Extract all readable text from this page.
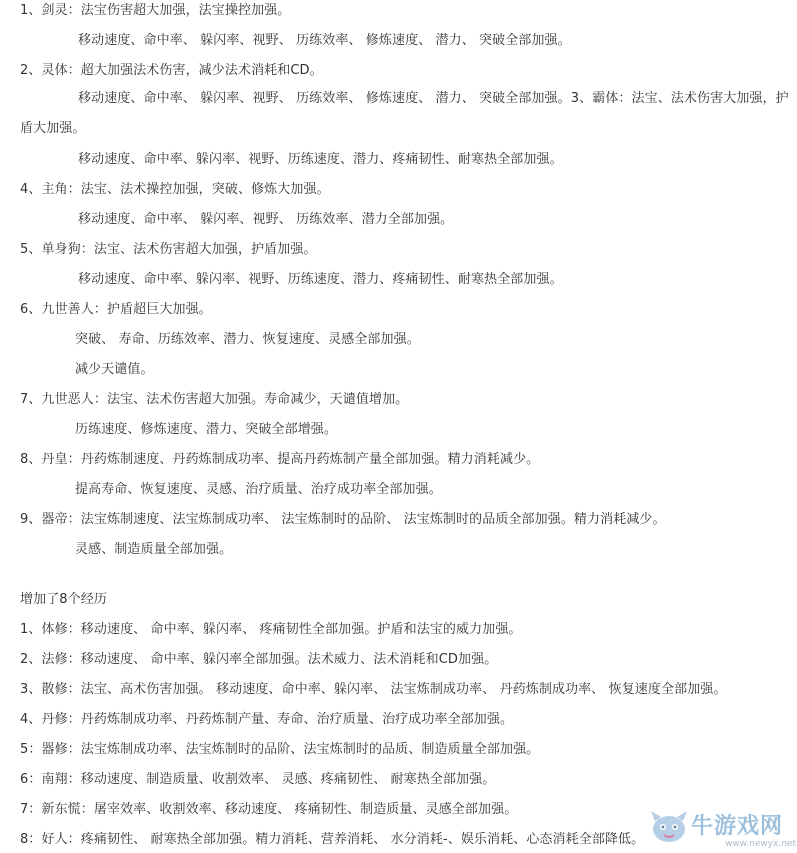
1、剑灵：法宝伤害超大加强，法宝操控加强。
移动速度、命中率、 躲闪率、视野、 历练效率、 修炼速度、 潜力、 突破全部加强。
2、灵体：超大加强法术伤害，减少法术消耗和CD。
移动速度、命中率、 躲闪率、视野、 历练效率、 修炼速度、 潜力、 突破全部加强。3、霸体：法宝、法术伤害大加强，护盾大加强。
移动速度、命中率、躲闪率、视野、历练速度、潜力、疼痛韧性、耐寒热全部加强。
4、主角：法宝、法术操控加强，突破、修炼大加强。
移动速度、命中率、 躲闪率、视野、 历练效率、潜力全部加强。
5、单身狗：法宝、法术伤害超大加强，护盾加强。
移动速度、命中率、躲闪率、视野、历练速度、潜力、疼痛韧性、耐寒热全部加强。
6、九世善人：护盾超巨大加强。
突破、 寿命、历练效率、潜力、恢复速度、灵感全部加强。
减少天谴值。
7、九世恶人：法宝、法术伤害超大加强。寿命减少，天谴值增加。
历练速度、修炼速度、潜力、突破全部增强。
8、丹皇：丹药炼制速度、丹药炼制成功率、提高丹药炼制产量全部加强。精力消耗减少。
提高寿命、恢复速度、灵感、治疗质量、治疗成功率全部加强。
9、器帝：法宝炼制速度、法宝炼制成功率、 法宝炼制时的品阶、 法宝炼制时的品质全部加强。精力消耗减少。
灵感、制造质量全部加强。
增加了8个经历
1、体修：移动速度、 命中率、躲闪率、 疼痛韧性全部加强。护盾和法宝的威力加强。
2、法修：移动速度、 命中率、躲闪率全部加强。法术威力、法术消耗和CD加强。
3、散修：法宝、高术伤害加强。 移动速度、命中率、躲闪率、 法宝炼制成功率、 丹药炼制成功率、 恢复速度全部加强。
4、丹修：丹药炼制成功率、丹药炼制产量、寿命、治疗质量、治疗成功率全部加强。
5：器修：法宝炼制成功率、法宝炼制时的品阶、法宝炼制时的品质、制造质量全部加强。
6：南翔：移动速度、制造质量、收割效率、 灵感、疼痛韧性、 耐寒热全部加强。
7：新东慌：屠宰效率、收割效率、移动速度、 疼痛韧性、制造质量、灵感全部加强。
8：好人：疼痛韧性、 耐寒热全部加强。精力消耗、营养消耗、 水分消耗-、娱乐消耗、心态消耗全部降低。
牛游戏网
www.newyx.net
